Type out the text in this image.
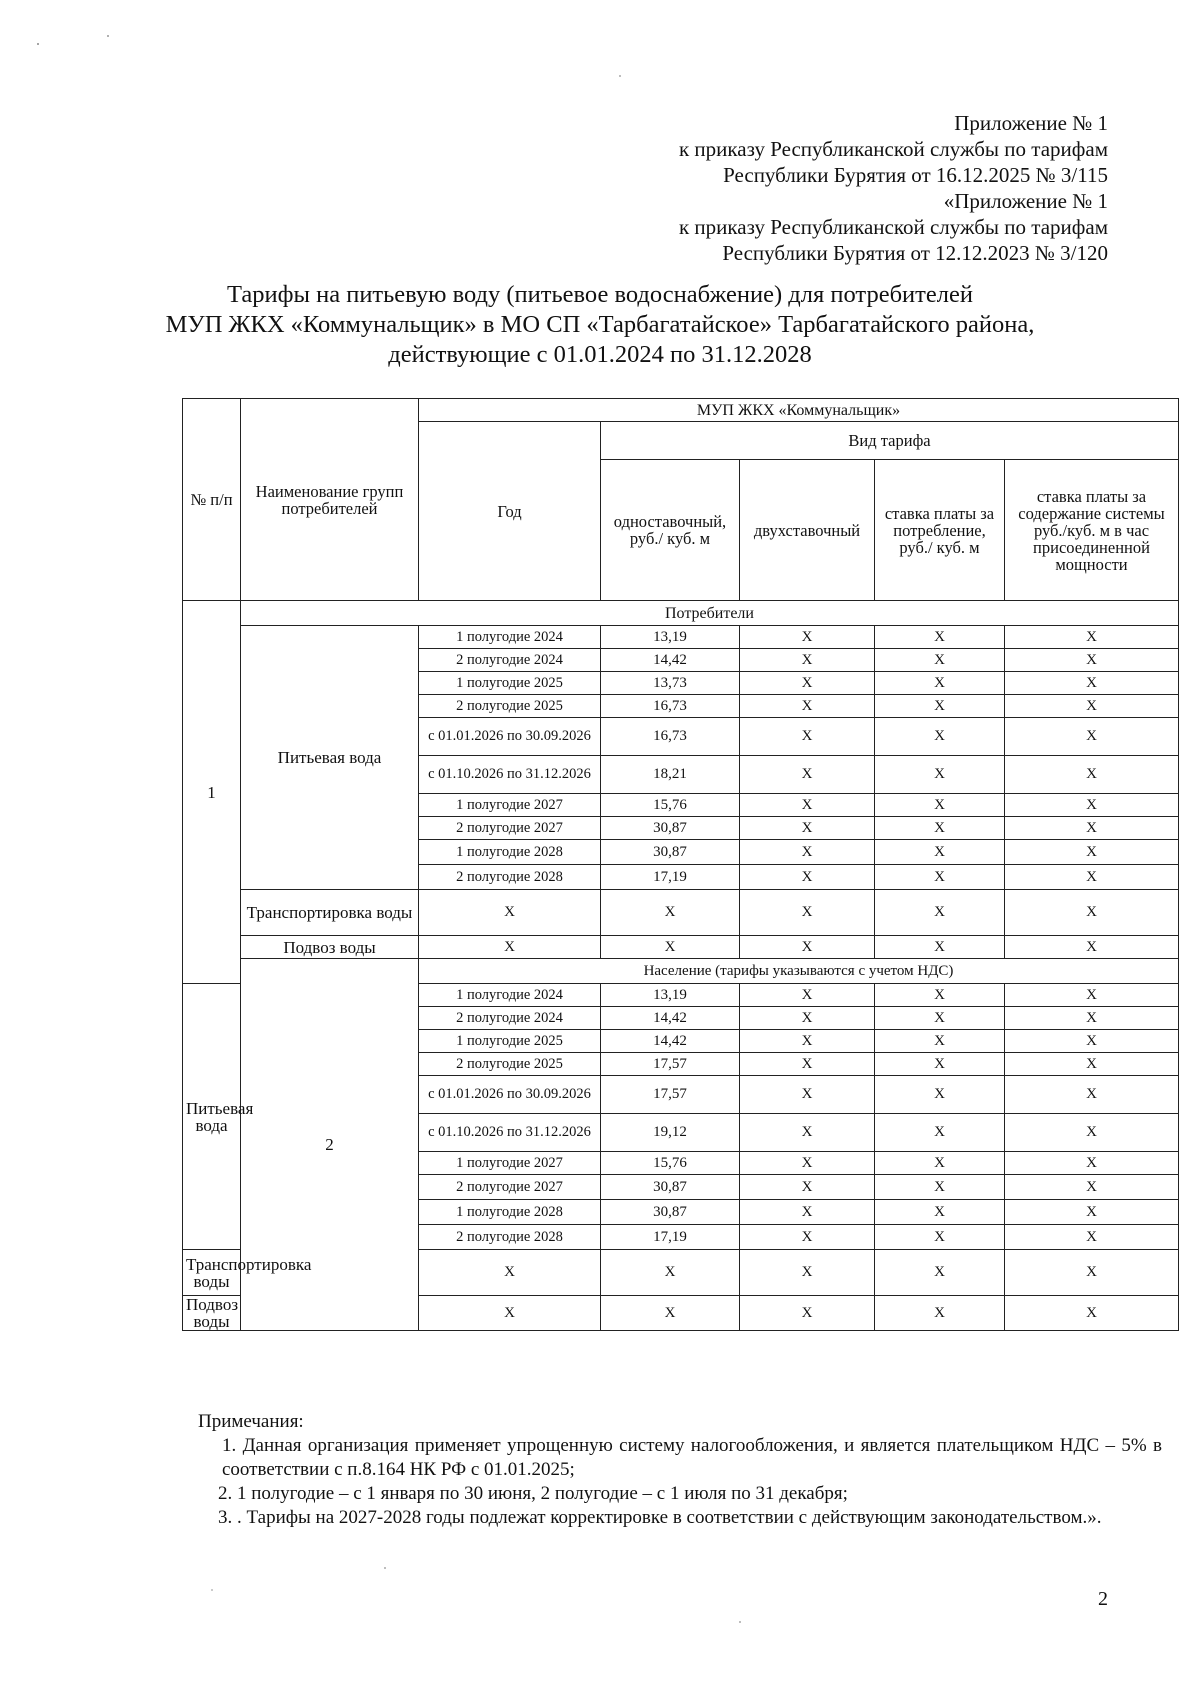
Приложение № 1
к приказу Республиканской службы по тарифам
Республики Бурятия от 16.12.2025 № 3/115
«Приложение № 1
к приказу Республиканской службы по тарифам
Республики Бурятия от 12.12.2023 № 3/120
Тарифы на питьевую воду (питьевое водоснабжение) для потребителей
МУП ЖКХ «Коммунальщик» в МО СП «Тарбагатайское» Тарбагатайского района,
действующие с 01.01.2024 по 31.12.2028
№ п/п	Наименование групп потребителей	МУП ЖКХ «Коммунальщик»				
		Год	Вид тарифа			
			одноставочный, руб./ куб. м	двухставочный	ставка платы за потребление, руб./ куб. м	ставка платы за содержание системы руб./куб. м в час присоединенной мощности
1	Потребители					
	Питьевая вода	1 полугодие 2024	13,19	Х	Х	Х
		2 полугодие 2024	14,42	Х	Х	Х
		1 полугодие 2025	13,73	Х	Х	Х
		2 полугодие 2025	16,73	Х	Х	Х
		с 01.01.2026 по 30.09.2026	16,73	Х	Х	Х
		с 01.10.2026 по 31.12.2026	18,21	Х	Х	Х
		1 полугодие 2027	15,76	Х	Х	Х
		2 полугодие 2027	30,87	Х	Х	Х
		1 полугодие 2028	30,87	Х	Х	Х
		2 полугодие 2028	17,19	Х	Х	Х
	Транспортировка воды	Х	Х	Х	Х	Х
	Подвоз воды	Х	Х	Х	Х	Х
	2	Население (тарифы указываются с учетом НДС)				
Питьевая вода		1 полугодие 2024	13,19	Х	Х	Х
		2 полугодие 2024	14,42	Х	Х	Х
		1 полугодие 2025	14,42	Х	Х	Х
		2 полугодие 2025	17,57	Х	Х	Х
		с 01.01.2026 по 30.09.2026	17,57	Х	Х	Х
		с 01.10.2026 по 31.12.2026	19,12	Х	Х	Х
		1 полугодие 2027	15,76	Х	Х	Х
		2 полугодие 2027	30,87	Х	Х	Х
		1 полугодие 2028	30,87	Х	Х	Х
		2 полугодие 2028	17,19	Х	Х	Х
Транспортировка воды		Х	Х	Х	Х	Х
Подвоз воды		Х	Х	Х	Х	Х
Примечания:
1. Данная организация применяет упрощенную систему налогообложения, и является плательщиком НДС – 5% в соответствии с п.8.164 НК РФ с 01.01.2025;
2. 1 полугодие – с 1 января по 30 июня, 2 полугодие – с 1 июля по 31 декабря;
3. . Тарифы на 2027-2028 годы подлежат корректировке в соответствии с действующим законодательством.».
2
